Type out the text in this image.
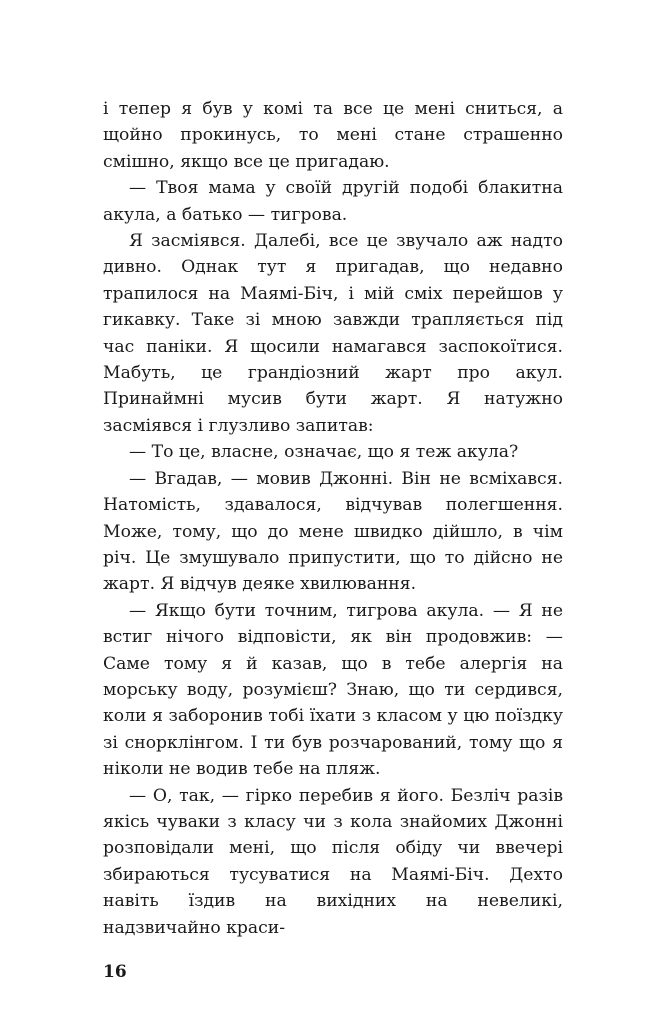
і тепер я був у комі та все це мені сниться, а щойно прокинусь, то мені стане страшенно смішно, якщо все це пригадаю.

— Твоя мама у своїй другій подобі блакитна акула, а батько — тигрова.

Я засміявся. Далебі, все це звучало аж надто дивно. Однак тут я пригадав, що недавно трапилося на Маямі-Біч, і мій сміх перейшов у гикавку. Таке зі мною завжди трапляється під час паніки. Я щосили намагався заспокоїтися. Мабуть, це грандіозний жарт про акул. Принаймні мусив бути жарт. Я натужно засміявся і глузливо запитав:

— То це, власне, означає, що я теж акула?

— Вгадав, — мовив Джонні. Він не всміхався. Натомість, здавалося, відчував полегшення. Може, тому, що до мене швидко дійшло, в чім річ. Це змушувало припустити, що то дійсно не жарт. Я відчув деяке хвилювання.

— Якщо бути точним, тигрова акула. — Я не встиг нічого відповісти, як він продовжив: — Саме тому я й казав, що в тебе алергія на морську воду, розумієш? Знаю, що ти сердився, коли я заборонив тобі їхати з класом у цю поїздку зі снорклінгом. І ти був розчарований, тому що я ніколи не водив тебе на пляж.

— О, так, — гірко перебив я його. Безліч разів якісь чуваки з класу чи з кола знайомих Джонні розповідали мені, що після обіду чи ввечері збираються тусуватися на Маямі-Біч. Дехто навіть їздив на вихідних на невеликі, надзвичайно краси-

16
